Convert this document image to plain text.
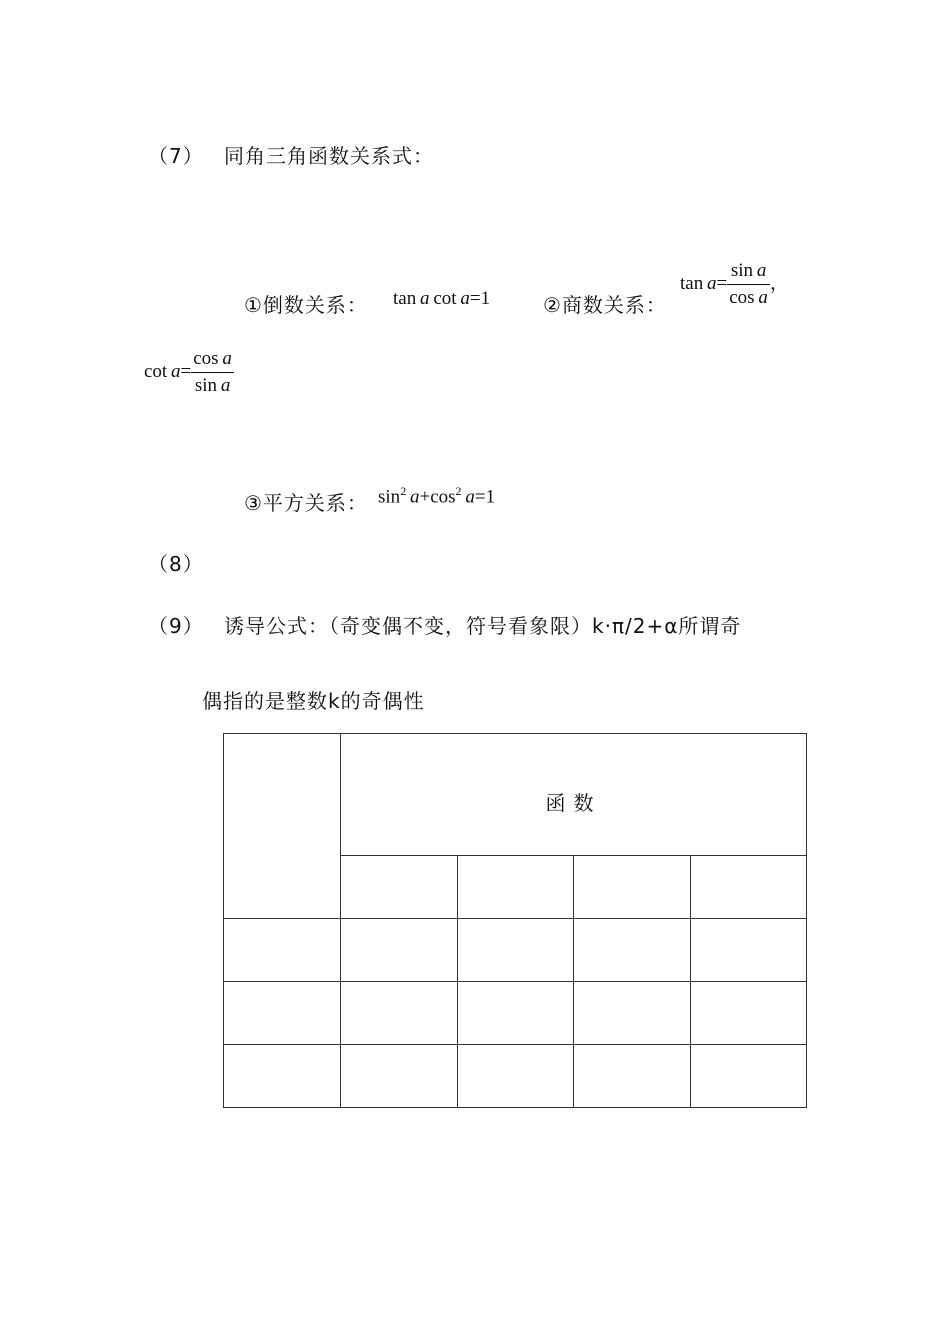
（7） 同角三角函数关系式：
①倒数关系： tan  a  cot  a=1	②商数关系：
$\tan a= \frac{\text{sin  a}}{\text{cos  a}}$ ，
$\cot a= \frac{\text{cos  a}}{\text{sin  a}}$
③平方关系： $\sin^2 a+\cos^2$  a=1
（8）
（9） 诱导公式：（奇变偶不变，符号看象限）k·π/2+α所谓奇
偶指的是整数k的奇偶性
	函数			
